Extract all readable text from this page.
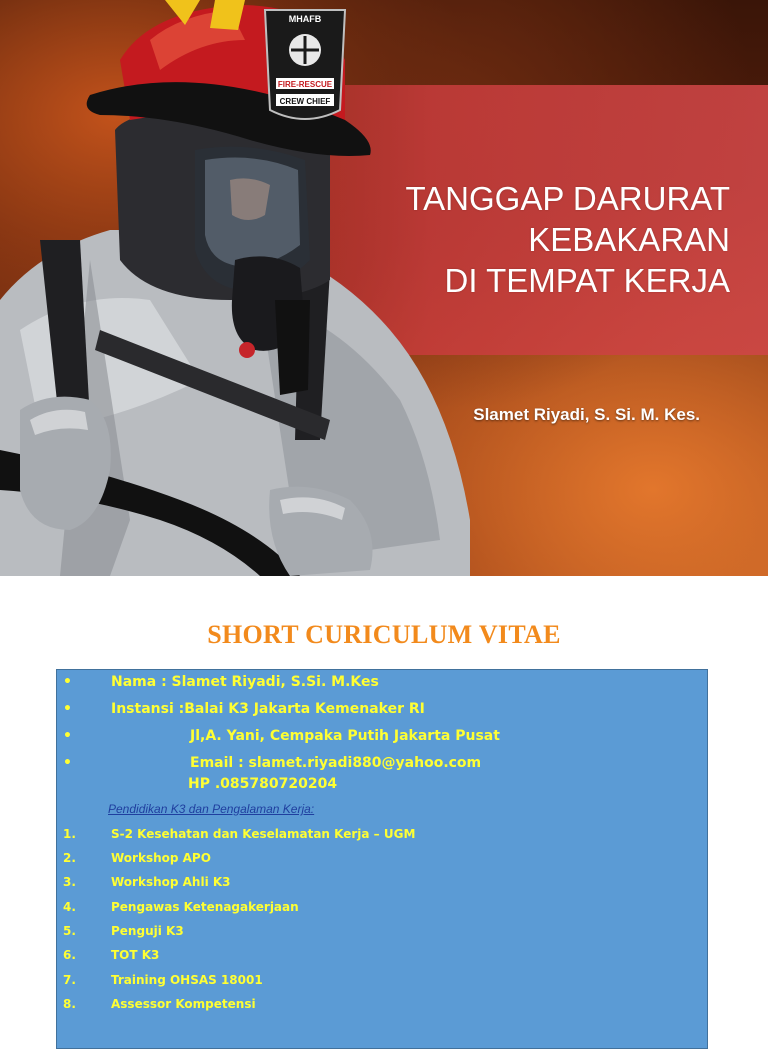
MHAFB
FIRE-RESCUE
CREW CHIEF
TANGGAP DARURAT
KEBAKARAN
DI TEMPAT KERJA
Slamet Riyadi, S. Si. M. Kes.
SHORT CURICULUM VITAE
•	Nama : Slamet Riyadi, S.Si. M.Kes
•	Instansi :Balai K3 Jakarta Kemenaker RI
•	Jl,A. Yani, Cempaka Putih Jakarta Pusat
•	Email : slamet.riyadi880@yahoo.com
HP .085780720204
Pendidikan K3 dan Pengalaman Kerja:
1.	S-2 Kesehatan dan Keselamatan Kerja – UGM
2.	Workshop APO
3.	Workshop Ahli K3
4.	Pengawas Ketenagakerjaan
5.	Penguji K3
6.	TOT K3
7.	Training OHSAS 18001
8.	Assessor Kompetensi
